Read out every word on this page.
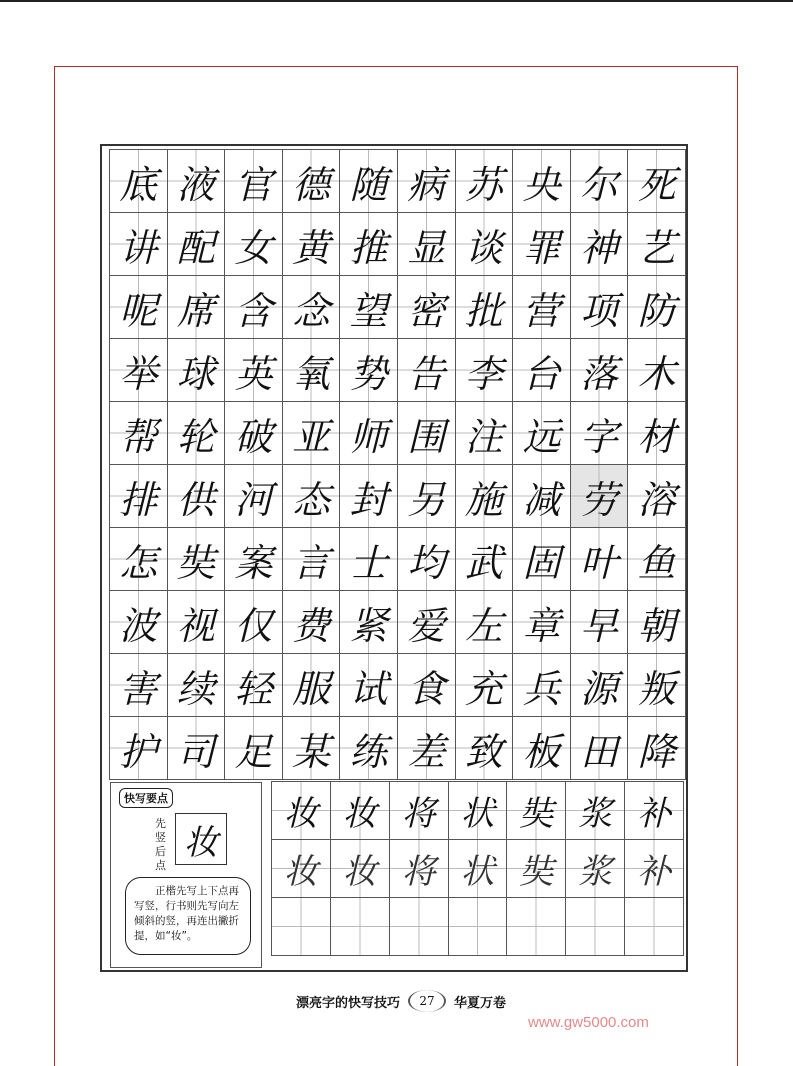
底 液 官 德 随 病 苏 央 尔 死
讲 配 女 黄 推 显 谈 罪 神 艺
呢 席 含 念 望 密 批 营 项 防
举 球 英 氧 势 告 李 台 落 木
帮 轮 破 亚 师 围 注 远 字 材
排 供 河 态 封 另 施 减 劳 溶
怎 奘 案 言 士 均 武 固 叶 鱼
波 视 仅 费 紧 爱 左 章 早 朝
害 续 轻 服 试 食 充 兵 源 叛
护 司 足 某 练 差 致 板 田 降
快写要点
先竖后点
妆
正楷先写上下点再写竖，行书则先写向左倾斜的竖，再连出撇折提，如“妆”。
妆 妆 将 状 奘 浆 补
妆 妆 将 状 奘 浆 补
漂亮字的快写技巧	27	华夏万卷
www.gw5000.com
